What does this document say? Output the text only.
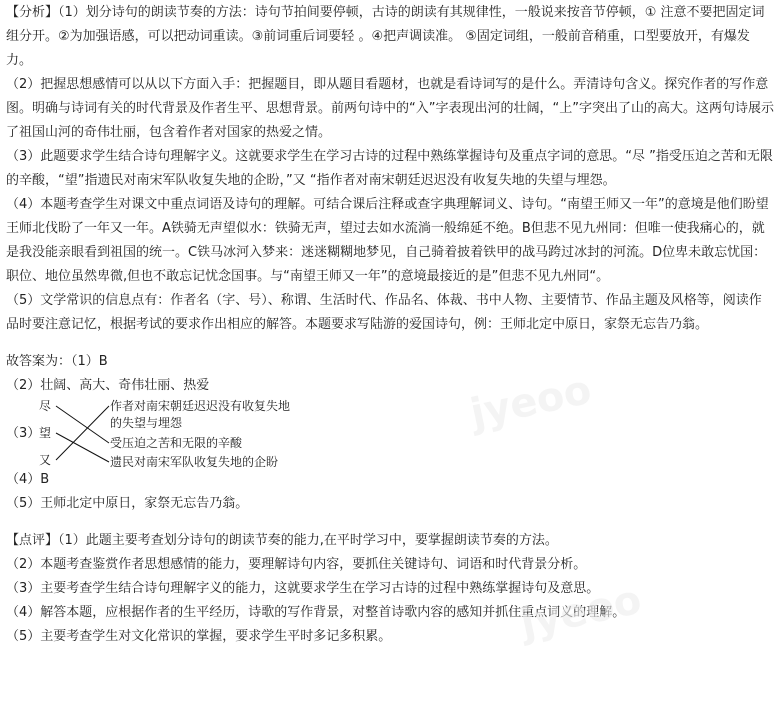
jyeoo
jyeoo

【分析】（1）划分诗句的朗读节奏的方法：诗句节拍间要停顿，古诗的朗读有其规律性，一般说来按音节停顿，① 注意不要把固定词组分开。②为加强语感，可以把动词重读。③前词重后词要轻 。④把声调读准。 ⑤固定词组，一般前音稍重，口型要放开，有爆发力。

（2）把握思想感情可以从以下方面入手：把握题目，即从题目看题材，也就是看诗词写的是什么。弄清诗句含义。探究作者的写作意图。明确与诗词有关的时代背景及作者生平、思想背景。前两句诗中的“入”字表现出河的壮阔，“上”字突出了山的高大。这两句诗展示了祖国山河的奇伟壮丽，包含着作者对国家的热爱之情。

（3）此题要求学生结合诗句理解字义。这就要求学生在学习古诗的过程中熟练掌握诗句及重点字词的意思。“尽 ”指受压迫之苦和无限的辛酸，“望”指遗民对南宋军队收复失地的企盼，”又 “指作者对南宋朝廷迟迟没有收复失地的失望与埋怨。

（4）本题考查学生对课文中重点词语及诗句的理解。可结合课后注释或查字典理解词义、诗句。“南望王师又一年”的意境是他们盼望王师北伐盼了一年又一年。A铁骑无声望似水：铁骑无声，望过去如水流淌一般绵延不绝。B但悲不见九州同：但唯一使我痛心的，就是我没能亲眼看到祖国的统一。C铁马冰河入梦来：迷迷糊糊地梦见，自己骑着披着铁甲的战马跨过冰封的河流。D位卑未敢忘忧国：职位、地位虽然卑微,但也不敢忘记忧念国事。与“南望王师又一年”的意境最接近的是”但悲不见九州同“。

（5）文学常识的信息点有：作者名（字、号）、称谓、生活时代、作品名、体裁、书中人物、主要情节、作品主题及风格等，阅读作品时要注意记忆，根据考试的要求作出相应的解答。本题要求写陆游的爱国诗句，例：王师北定中原日，家祭无忘告乃翁。

故答案为：（1）B

（2）壮阔、高大、奇伟壮丽、热爱

（3）
尽
望
又
作者对南宋朝廷迟迟没有收复失地
的失望与埋怨
受压迫之苦和无限的辛酸
遗民对南宋军队收复失地的企盼

（4）B

（5）王师北定中原日，家祭无忘告乃翁。

【点评】（1）此题主要考查划分诗句的朗读节奏的能力,在平时学习中，要掌握朗读节奏的方法。

（2）本题考查鉴赏作者思想感情的能力，要理解诗句内容，要抓住关键诗句、词语和时代背景分析。

（3）主要考查学生结合诗句理解字义的能力，这就要求学生在学习古诗的过程中熟练掌握诗句及意思。

（4）解答本题，应根据作者的生平经历，诗歌的写作背景，对整首诗歌内容的感知并抓住重点词义的理解。

（5）主要考查学生对文化常识的掌握，要求学生平时多记多积累。
